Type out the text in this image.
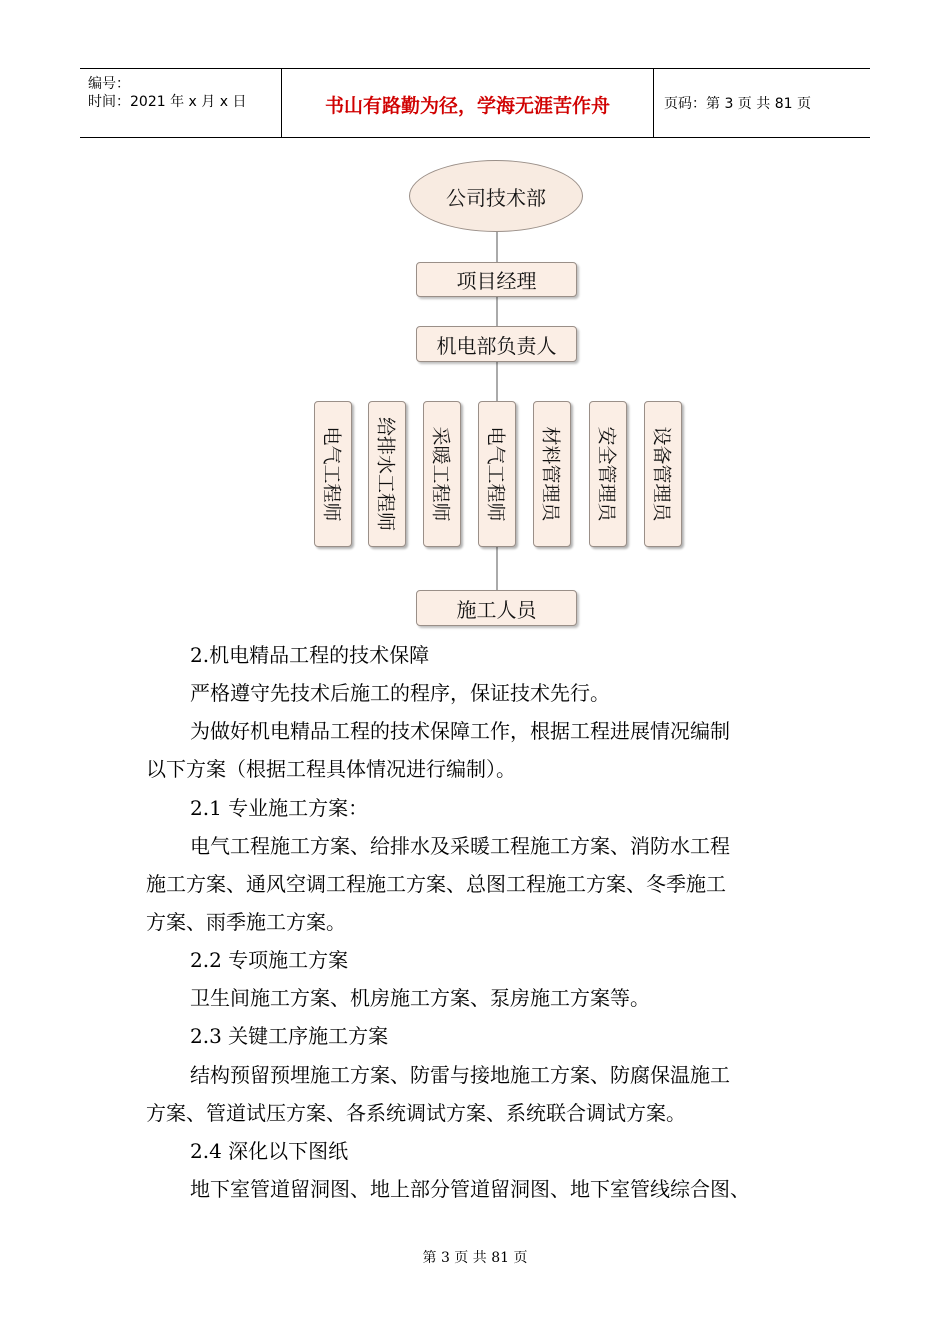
编号：
时间：2021 年 x 月 x 日	书山有路勤为径，学海无涯苦作舟	页码：第 3 页 共 81 页
公司技术部
项目经理
机电部负责人
电气工程师 给排水工程师 采暖工程师 电气工程师 材料管理员 安全管理员 设备管理员
施工人员
2.机电精品工程的技术保障
严格遵守先技术后施工的程序，保证技术先行。
为做好机电精品工程的技术保障工作，根据工程进展情况编制
以下方案（根据工程具体情况进行编制）。
2.1 专业施工方案：
电气工程施工方案、给排水及采暖工程施工方案、消防水工程
施工方案、通风空调工程施工方案、总图工程施工方案、冬季施工
方案、雨季施工方案。
2.2 专项施工方案
卫生间施工方案、机房施工方案、泵房施工方案等。
2.3 关键工序施工方案
结构预留预埋施工方案、防雷与接地施工方案、防腐保温施工
方案、管道试压方案、各系统调试方案、系统联合调试方案。
2.4 深化以下图纸
地下室管道留洞图、地上部分管道留洞图、地下室管线综合图、
第 3 页 共 81 页
